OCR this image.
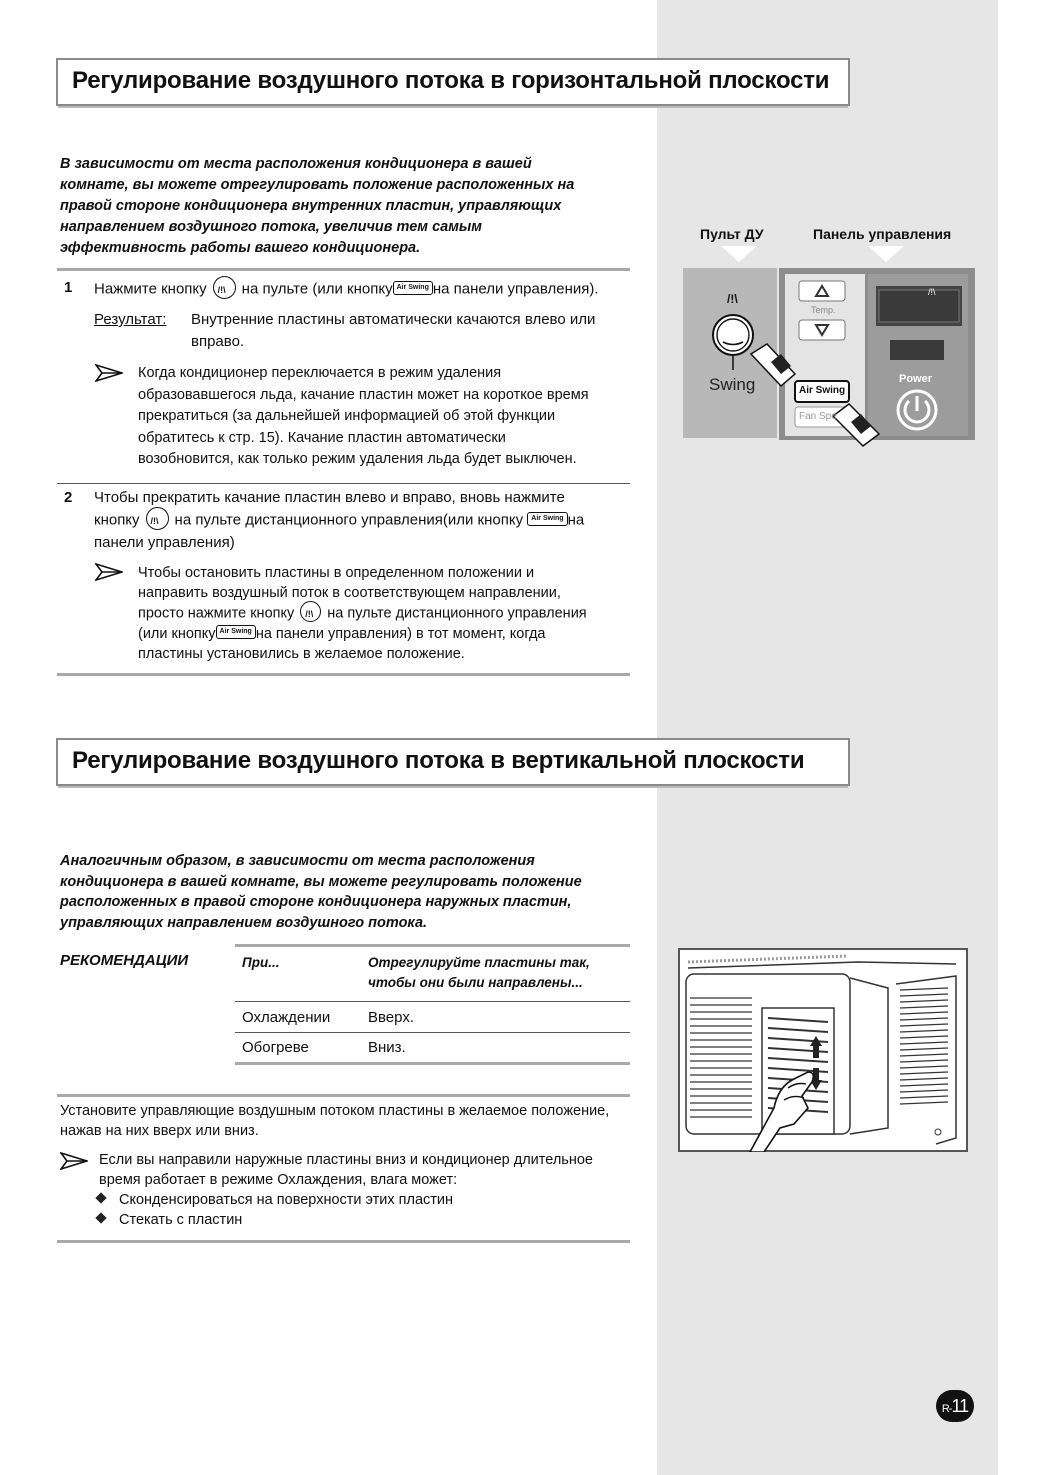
Регулирование воздушного потока в горизонтальной плоскости
В зависимости от места расположения кондиционера в вашей
комнате, вы можете отрегулировать положение расположенных на
правой стороне кондиционера внутренних пластин, управляющих
направлением воздушного потока, увеличив тем самым
эффективность работы вашего кондиционера.
1 Нажмите кнопку /!\ на пульте (или кнопку Air Swing на панели управления).
Результат: Внутренние пластины автоматически качаются влево или
вправо.
Когда кондиционер переключается в режим удаления
образовавшегося льда, качание пластин может на короткое время
прекратиться (за дальнейшей информацией об этой функции
обратитесь к стр. 15). Качание пластин автоматически
возобновится, как только режим удаления льда будет выключен.
2 Чтобы прекратить качание пластин влево и вправо, вновь нажмите
кнопку /!\ на пульте дистанционного управления(или кнопку Air Swing на
панели управления)
Чтобы остановить пластины в определенном положении и
направить воздушный поток в соответствующем направлении,
просто нажмите кнопку /!\ на пульте дистанционного управления
(или кнопку Air Swing на панели управления) в тот момент, когда
пластины установились в желаемое положение.
Пульт ДУ	Панель управления
/!\
Swing
Temp.
/!\
Power
Air Swing
Fan Spe
Регулирование воздушного потока в вертикальной плоскости
Аналогичным образом, в зависимости от места расположения
кондиционера в вашей комнате, вы можете регулировать положение
расположенных в правой стороне кондиционера наружных пластин,
управляющих направлением воздушного потока.
РЕКОМЕНДАЦИИ	При...	Отрегулируйте пластины так, чтобы они были направлены...
Охлаждении	Вверх.
Обогреве	Вниз.
Установите управляющие воздушным потоком пластины в желаемое положение,
нажав на них вверх или вниз.
Если вы направили наружные пластины вниз и кондиционер длительное
время работает в режиме Охлаждения, влага может:
Сконденсироваться на поверхности этих пластин
Стекать с пластин
R-11
